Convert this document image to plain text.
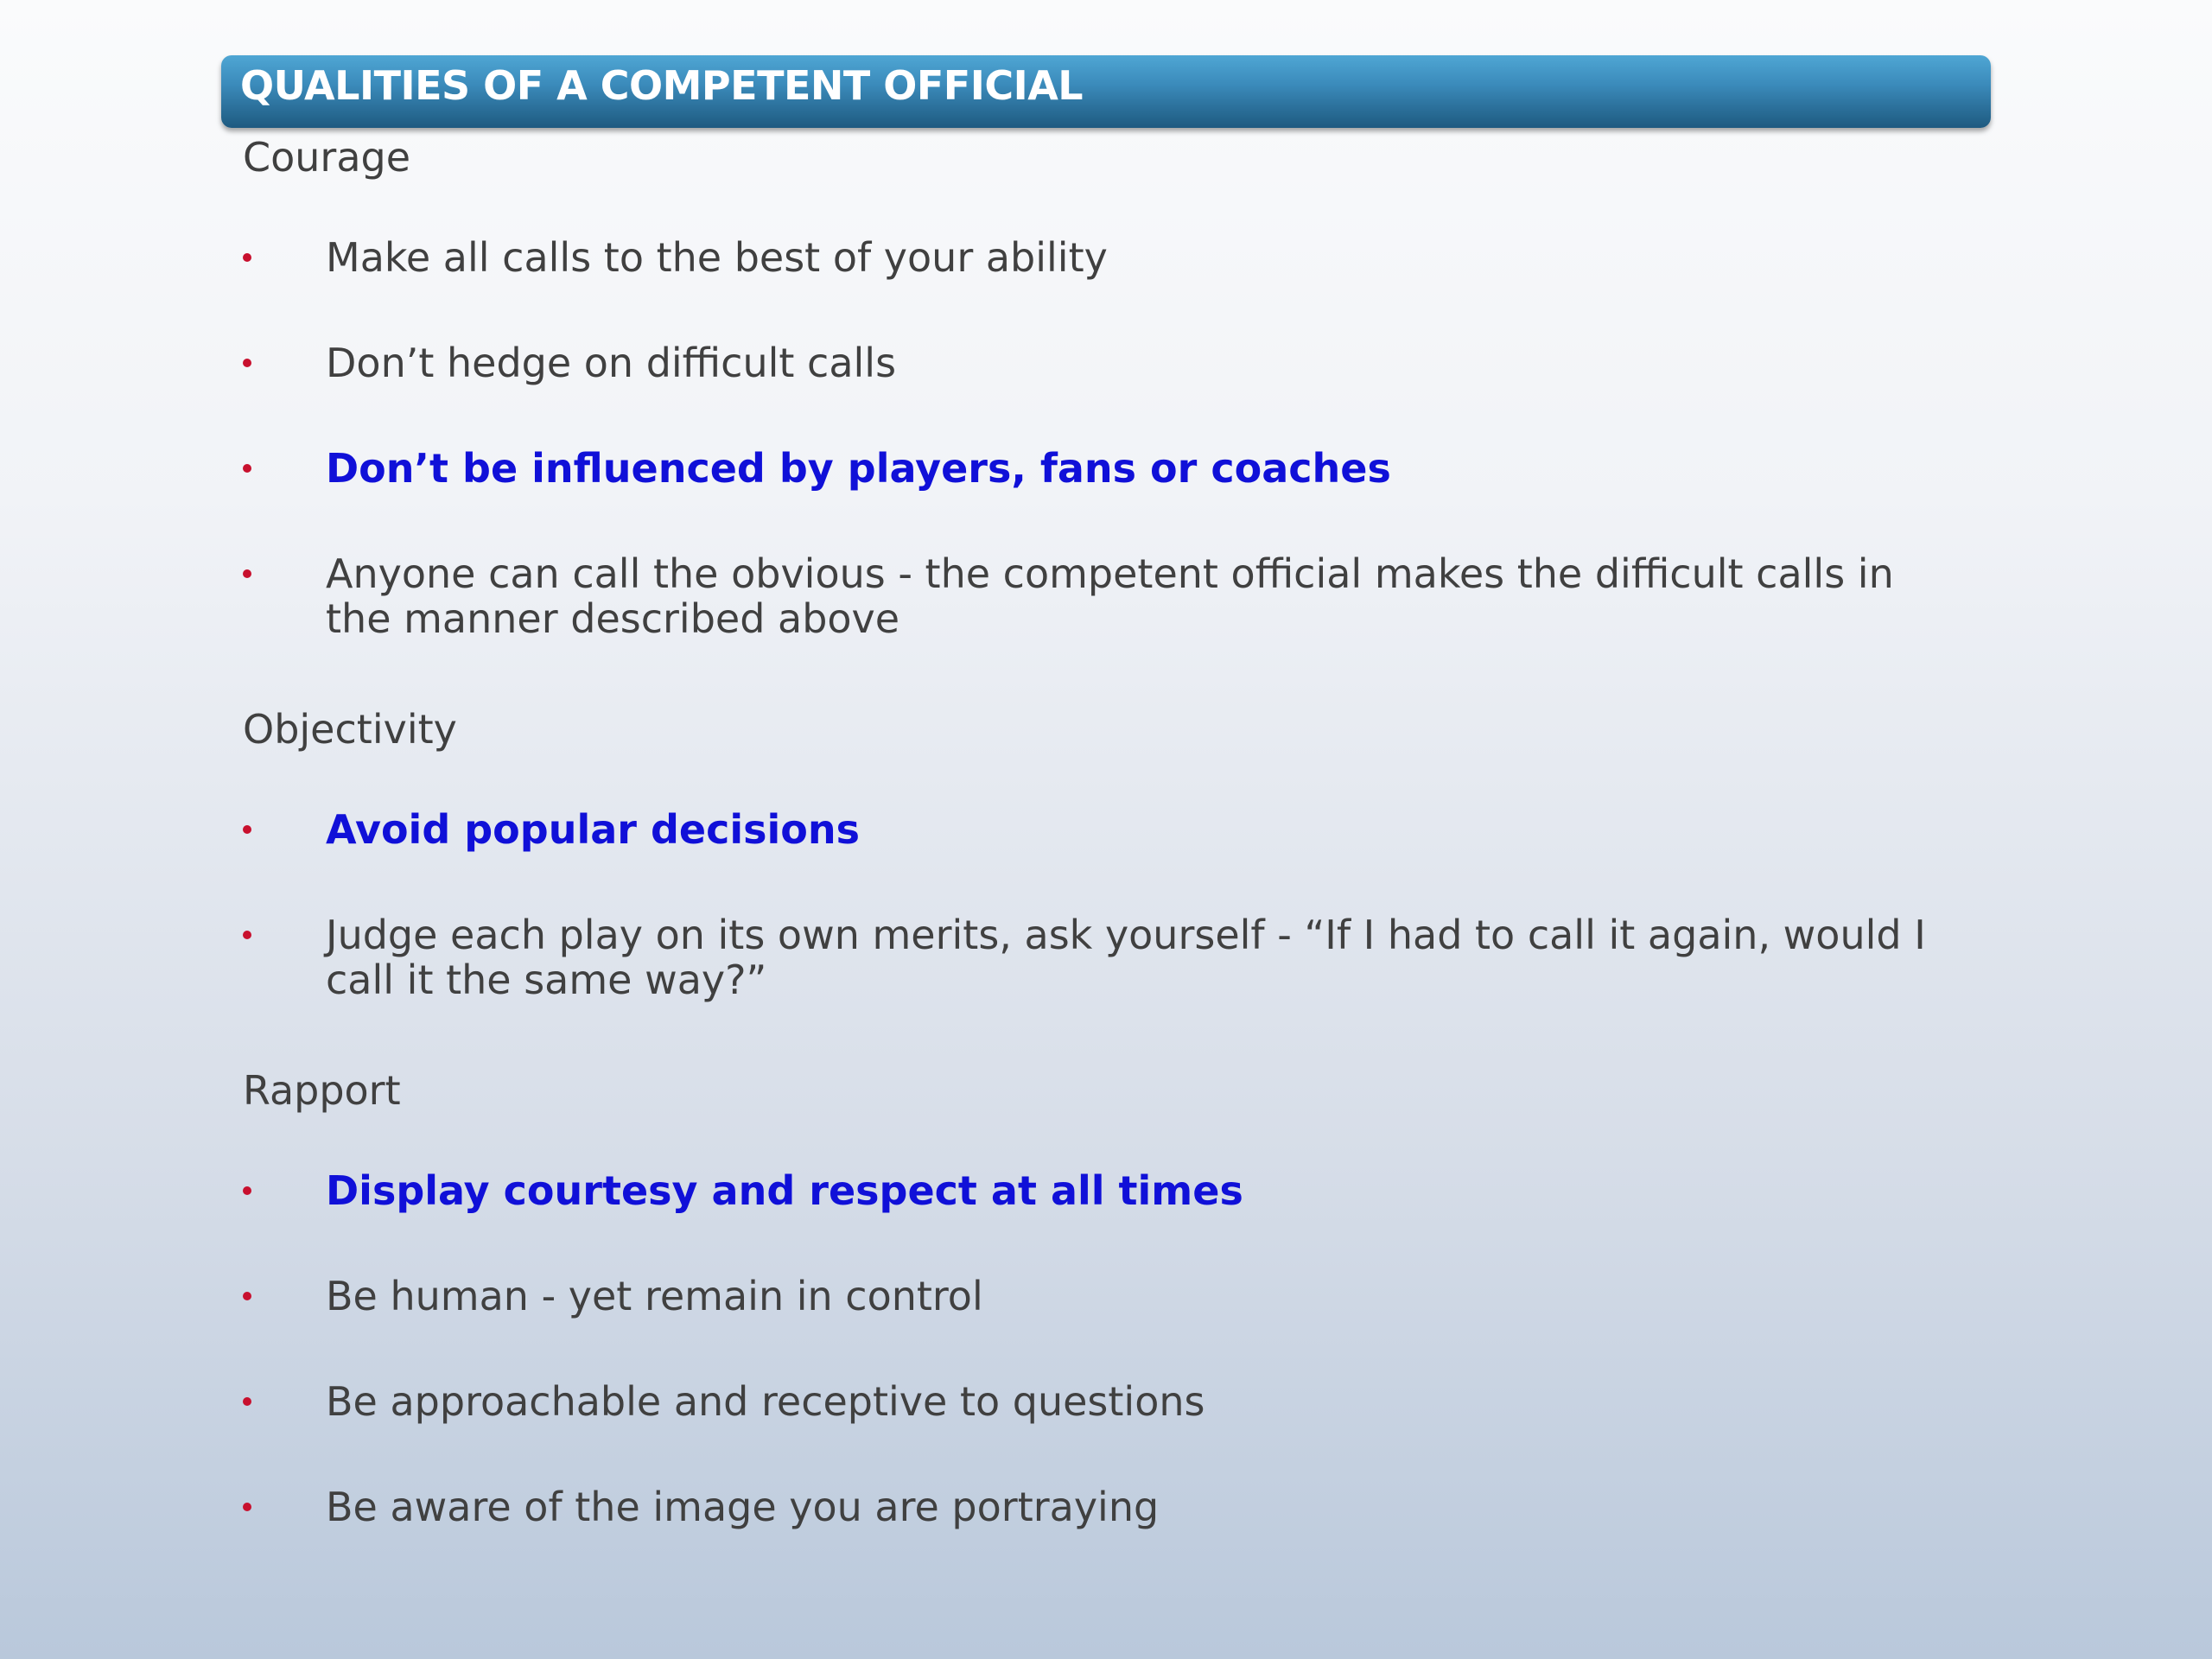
QUALITIES OF A COMPETENT OFFICIAL
Courage
Make all calls to the best of your ability
Don’t hedge on difficult calls
Don’t be influenced by players, fans or coaches
Anyone can call the obvious - the competent official makes the difficult calls in the manner described above
Objectivity
Avoid popular decisions
Judge each play on its own merits, ask yourself - “If I had to call it again, would I call it the same way?”
Rapport
Display courtesy and respect at all times
Be human - yet remain in control
Be approachable and receptive to questions
Be aware of the image you are portraying
